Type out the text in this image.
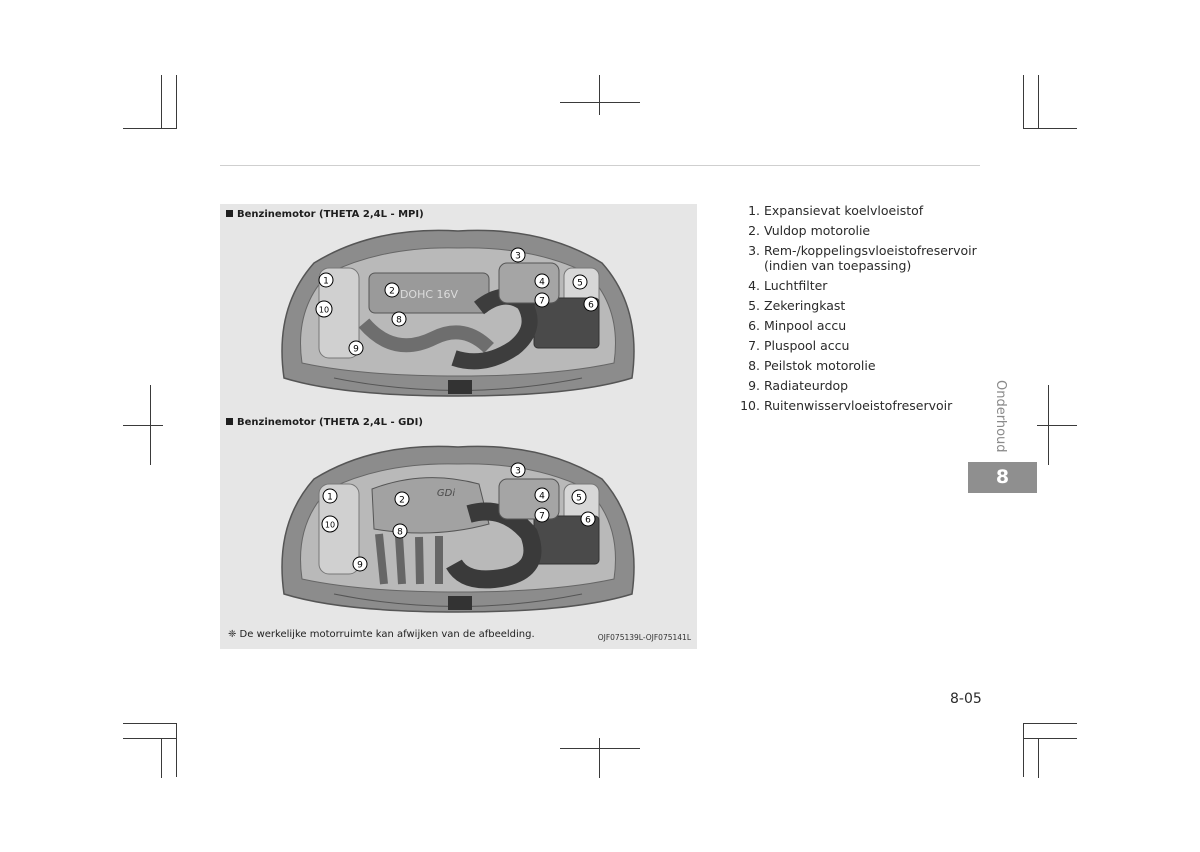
Benzinemotor (THETA 2,4L - MPI)
DOHC 16V
1
2
3
4	5
6
7
8
9
10
Benzinemotor (THETA 2,4L - GDI)
GDi
1	2
3
4	5
6
7
8
9
10
❈ De werkelijke motorruimte kan afwijken van de afbeelding.	OJF075139L-OJF075141L
1. Expansievat koelvloeistof
2. Vuldop motorolie
3. Rem-/koppelingsvloeistofreservoir
(indien van toepassing)
4. Luchtfilter
5. Zekeringkast
6. Minpool accu
7. Pluspool accu
8. Peilstok motorolie
9. Radiateurdop
10. Ruitenwisservloeistofreservoir	Onderhoud
8
8-05
